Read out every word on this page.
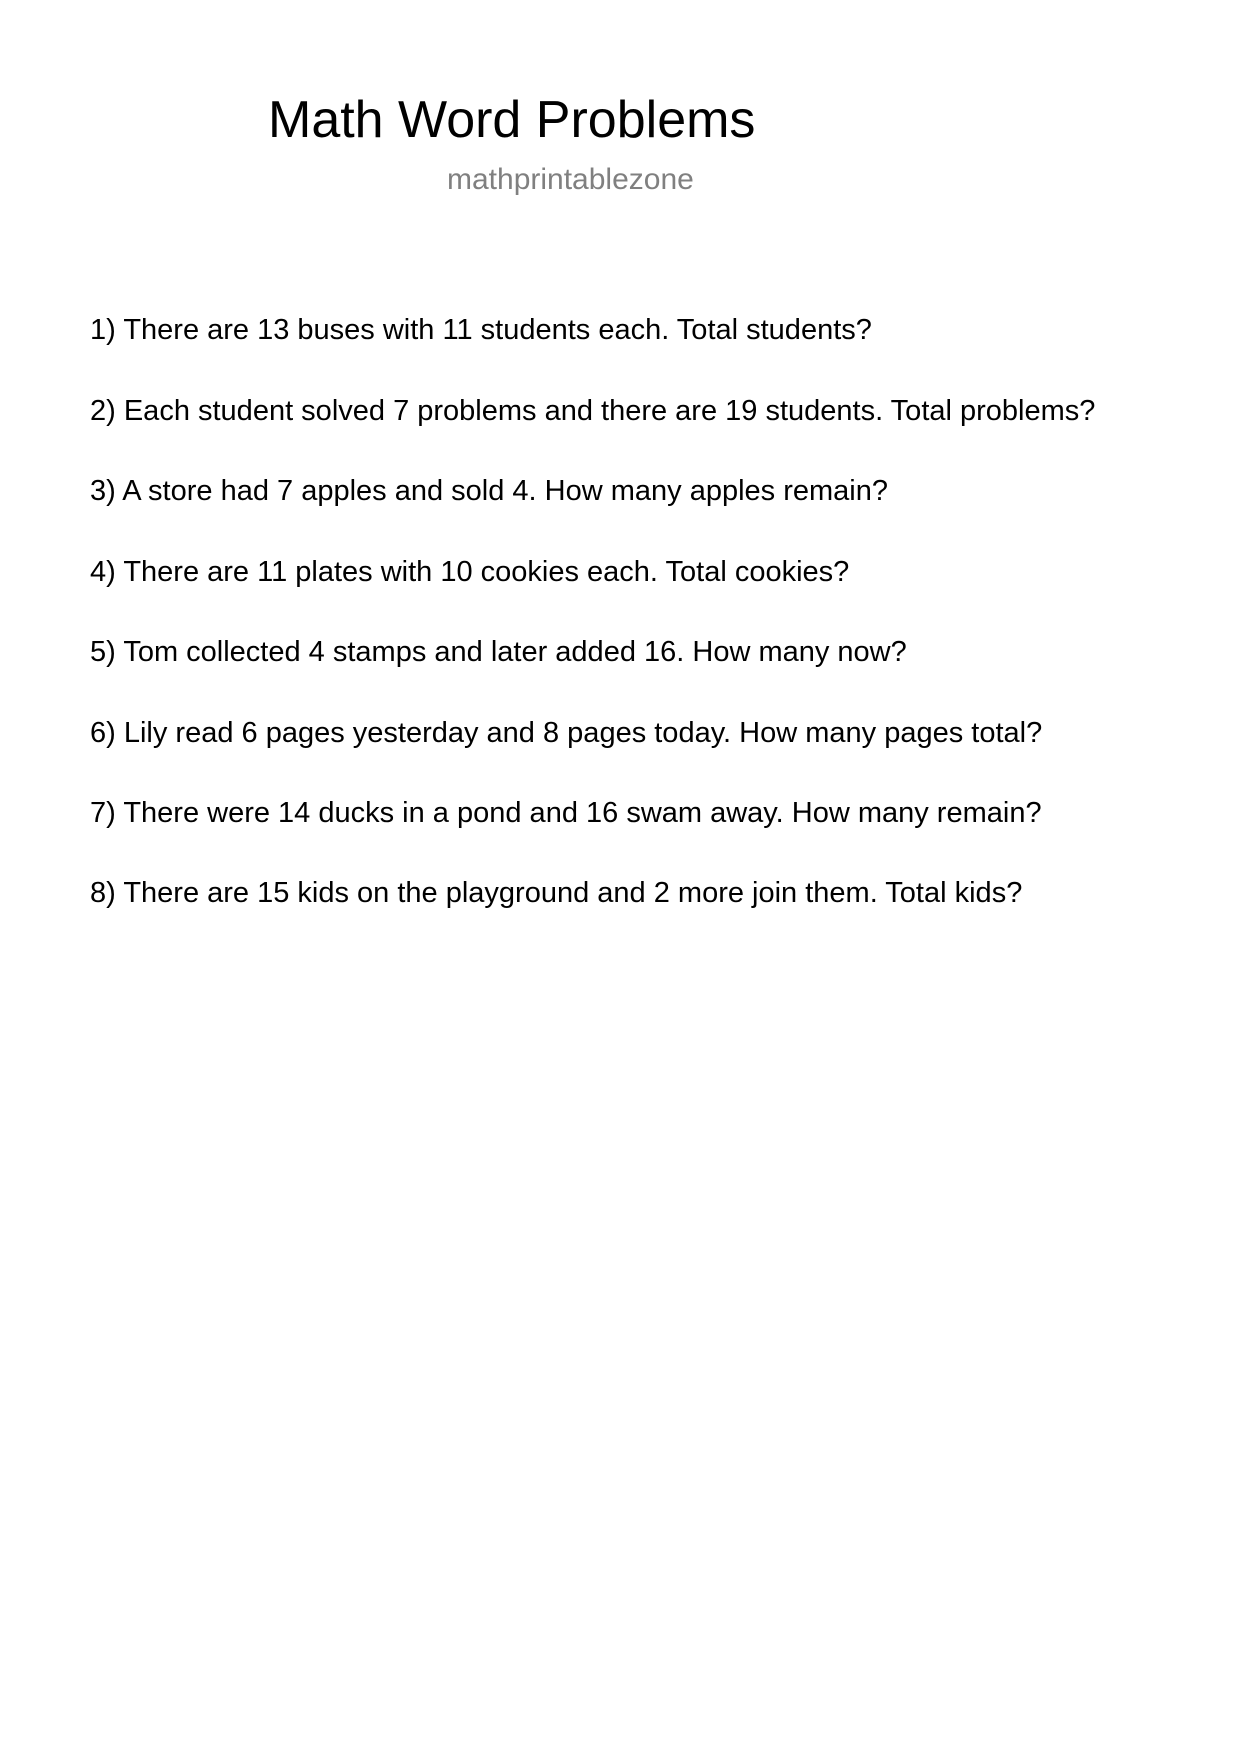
Math Word Problems
mathprintablezone
1) There are 13 buses with 11 students each. Total students?
2) Each student solved 7 problems and there are 19 students. Total problems?
3) A store had 7 apples and sold 4. How many apples remain?
4) There are 11 plates with 10 cookies each. Total cookies?
5) Tom collected 4 stamps and later added 16. How many now?
6) Lily read 6 pages yesterday and 8 pages today. How many pages total?
7) There were 14 ducks in a pond and 16 swam away. How many remain?
8) There are 15 kids on the playground and 2 more join them. Total kids?
